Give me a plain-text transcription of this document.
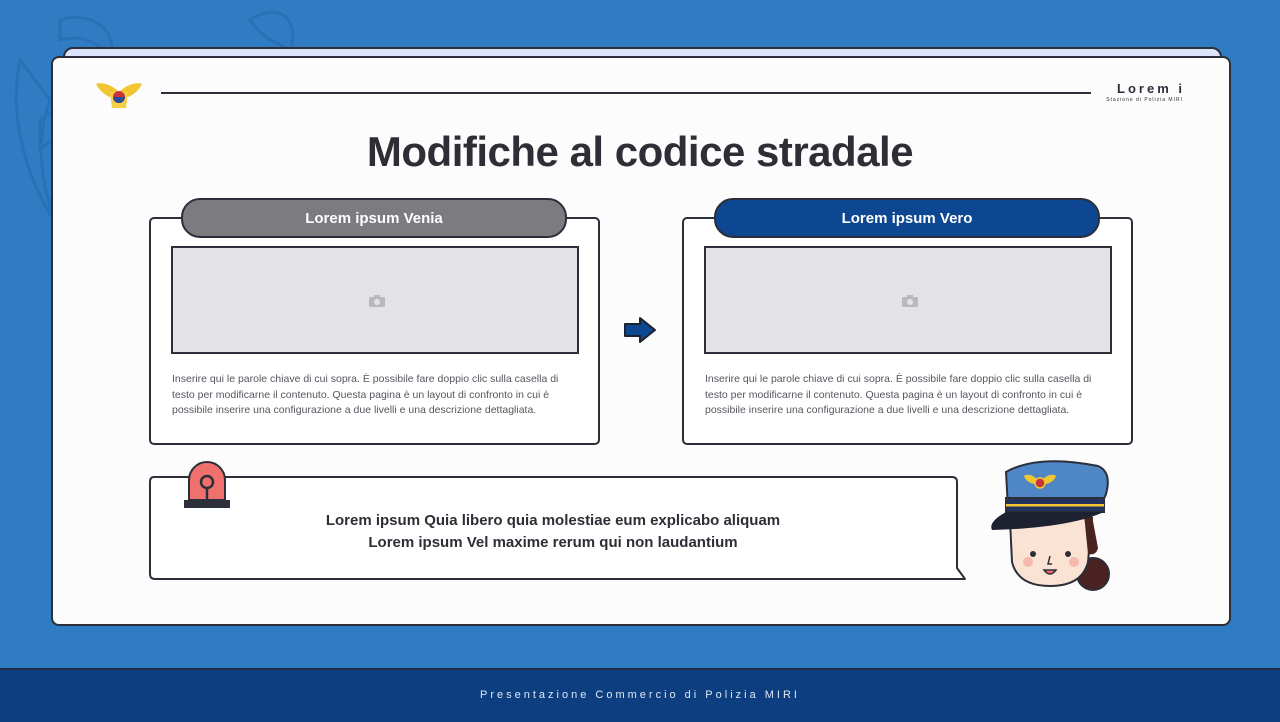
Lorem i
Stazione di Polizia MIRI
Modifiche al codice stradale
Inserire qui le parole chiave di cui sopra. È possibile fare doppio clic sulla casella di testo per modificarne il contenuto. Questa pagina è un layout di confronto in cui è possibile inserire una configurazione a due livelli e una descrizione dettagliata.
Lorem ipsum Venia
Inserire qui le parole chiave di cui sopra. È possibile fare doppio clic sulla casella di testo per modificarne il contenuto. Questa pagina è un layout di confronto in cui è possibile inserire una configurazione a due livelli e una descrizione dettagliata.
Lorem ipsum Vero
Lorem ipsum Quia libero quia molestiae eum explicabo aliquam
Lorem ipsum Vel maxime rerum qui non laudantium
Presentazione Commercio di Polizia MIRI
